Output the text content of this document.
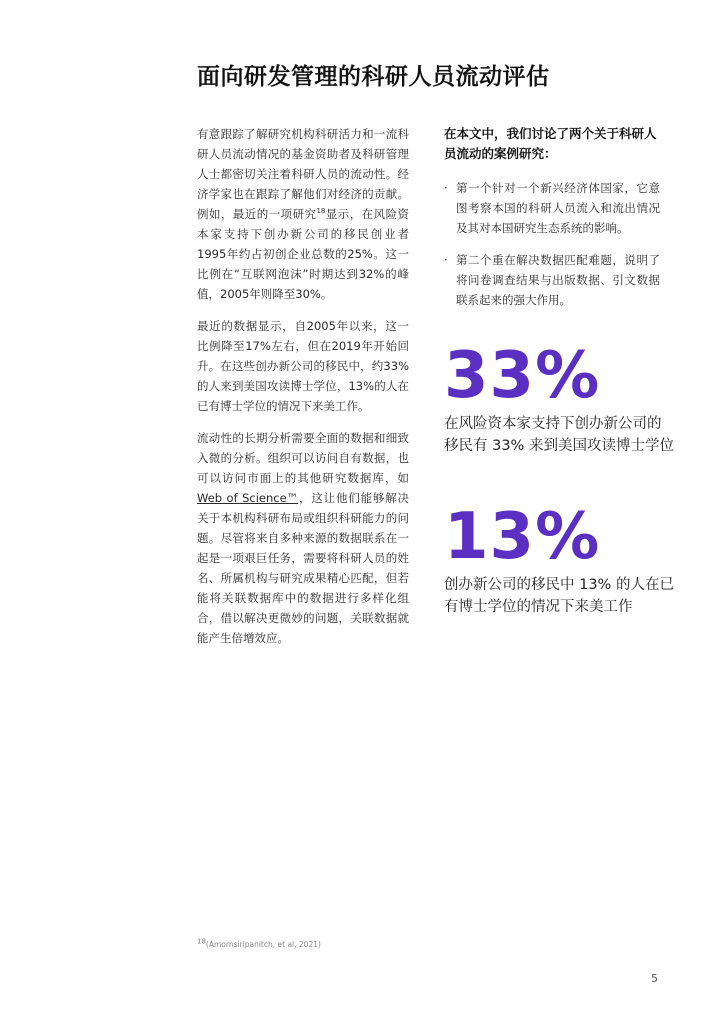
面向研发管理的科研人员流动评估

有意跟踪了解研究机构科研活力和一流科研人员流动情况的基金资助者及科研管理人士都密切关注着科研人员的流动性。经济学家也在跟踪了解他们对经济的贡献。例如，最近的一项研究$^{18}$显示，在风险资本家支持下创办新公司的移民创业者1995年约占初创企业总数的25%。这一比例在“互联网泡沫”时期达到32%的峰值，2005年则降至30%。

最近的数据显示，自2005年以来，这一比例降至17%左右，但在2019年开始回升。在这些创办新公司的移民中，约33%的人来到美国攻读博士学位，13%的人在已有博士学位的情况下来美工作。

流动性的长期分析需要全面的数据和细致入微的分析。组织可以访问自有数据，也可以访问市面上的其他研究数据库，如Web of Science™，这让他们能够解决关于本机构科研布局或组织科研能力的问题。尽管将来自多种来源的数据联系在一起是一项艰巨任务，需要将科研人员的姓名、所属机构与研究成果精心匹配，但若能将关联数据库中的数据进行多样化组合，借以解决更微妙的问题，关联数据就能产生倍增效应。

在本文中，我们讨论了两个关于科研人员流动的案例研究：

· 第一个针对一个新兴经济体国家，它意图考察本国的科研人员流入和流出情况及其对本国研究生态系统的影响。
· 第二个重在解决数据匹配难题，说明了将问卷调查结果与出版数据、引文数据联系起来的强大作用。
33%
在风险资本家支持下创办新公司的移民有 33% 来到美国攻读博士学位
13%
创办新公司的移民中 13% 的人在已有博士学位的情况下来美工作
$^{18}$(Amornsiripanitch, et al, 2021)
5
